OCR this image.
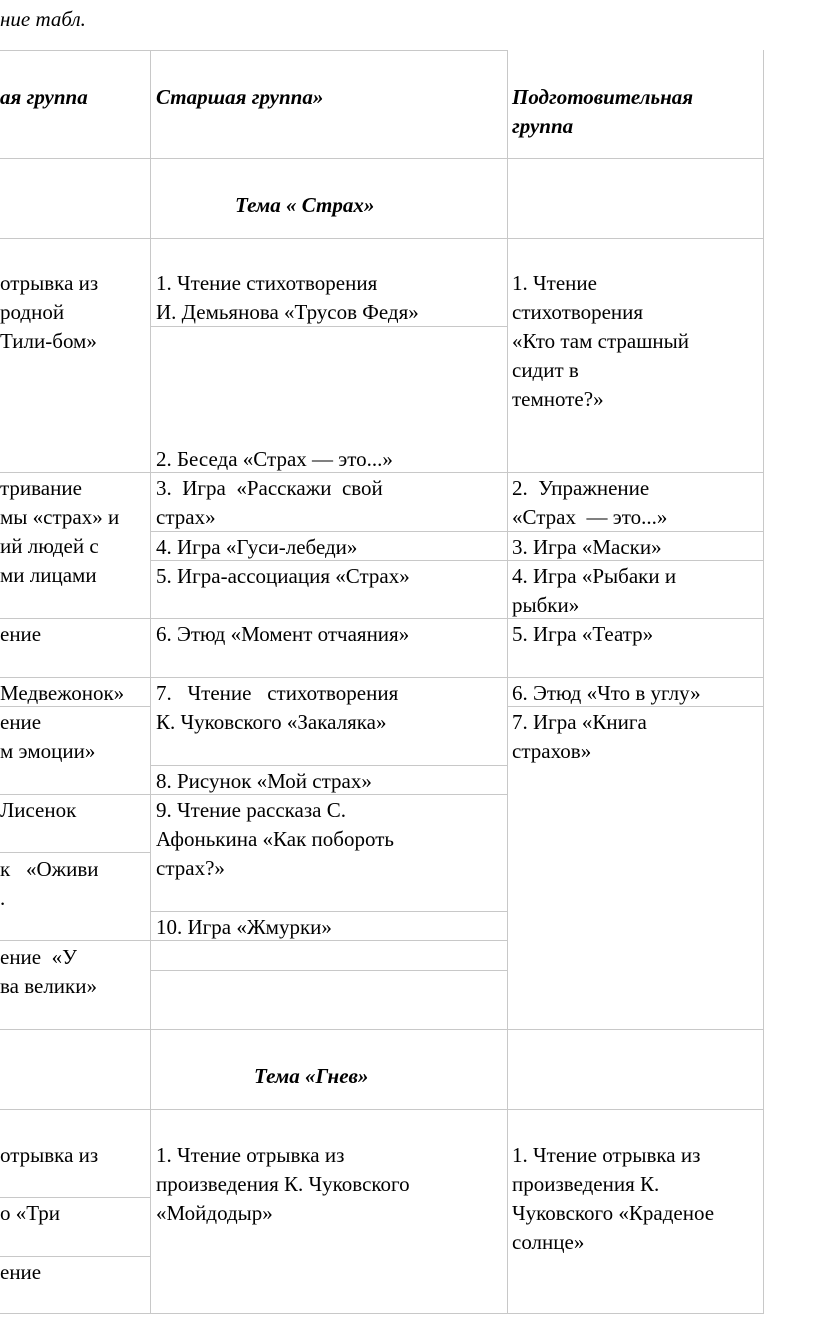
ние табл.
ая группа	Старшая группа»	Подготовительная
группа
Тема « Страх»
отрывка из
родной
Тили-бом»
тривание
мы «страх» и
ий людей с
ми лицами
ение
Медвежонок»
ение
м эмоции»
Лисенок
к   «Оживи
.
ение  «У
ва велики»
1. Чтение стихотворения
И. Демьянова «Трусов Федя»
2. Беседа «Страх — это...»
3.  Игра  «Расскажи  свой
страх»
4. Игра «Гуси-лебеди»
5. Игра-ассоциация «Страх»
6. Этюд «Момент отчаяния»
7.   Чтение   стихотворения
К. Чуковского «Закаляка»
8. Рисунок «Мой страх»
9. Чтение рассказа С.
Афонькина «Как побороть
страх?»
10. Игра «Жмурки»
1. Чтение
стихотворения
«Кто там страшный
сидит в
темноте?»
2.  Упражнение
«Страх  — это...»
3. Игра «Маски»
4. Игра «Рыбаки и
рыбки»
5. Игра «Театр»
6. Этюд «Что в углу»
7. Игра «Книга
страхов»
Тема «Гнев»
отрывка из
о «Три
ение
1. Чтение отрывка из
произведения К. Чуковского
«Мойдодыр»
1. Чтение отрывка из
произведения К.
Чуковского «Краденое
солнце»
